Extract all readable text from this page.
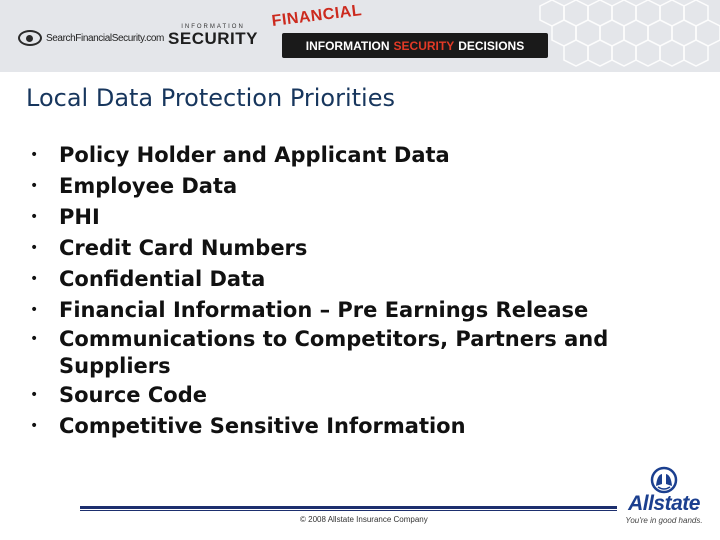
SearchFinancialSecurity.com
INFORMATION
SECURITY
FINANCIAL
INFORMATION SECURITY DECISIONS
Local Data Protection Priorities
• Policy Holder and Applicant Data
• Employee Data
• PHI
• Credit Card Numbers
• Confidential Data
• Financial Information – Pre Earnings Release
• Communications to Competitors, Partners and Suppliers
• Source Code
• Competitive Sensitive Information
© 2008 Allstate Insurance Company
Allstate
You're in good hands.
